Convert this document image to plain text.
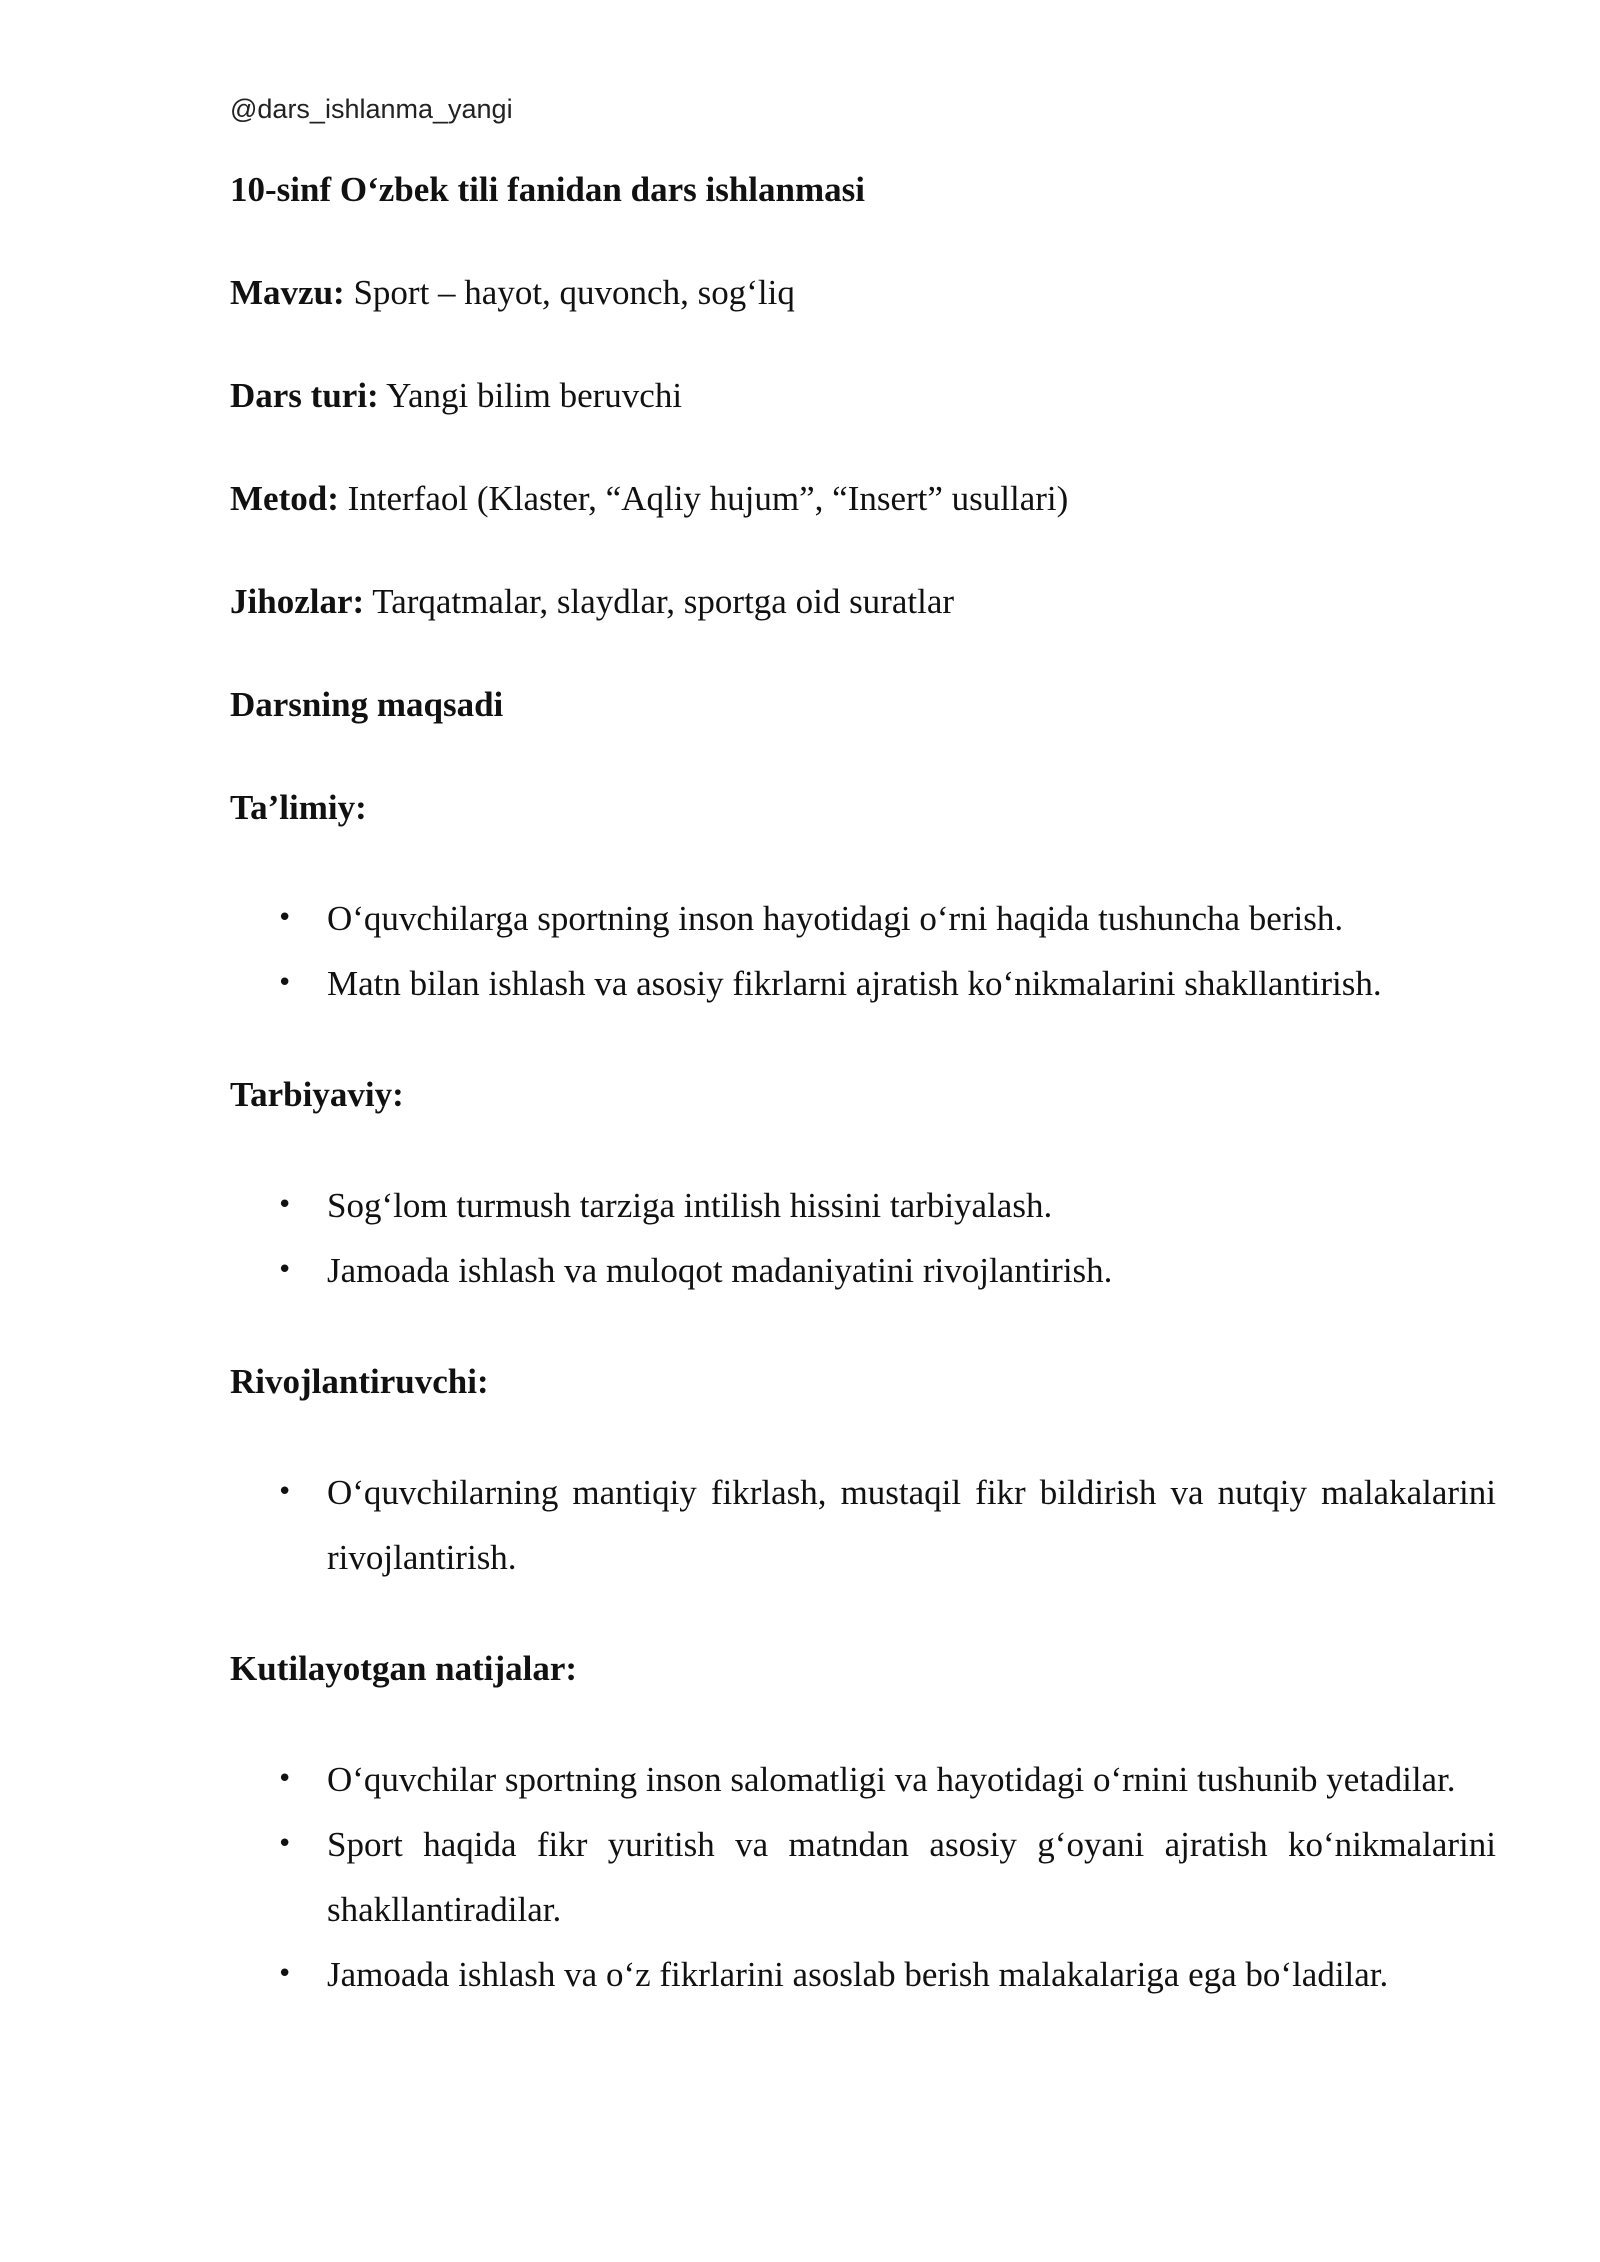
@dars_ishlanma_yangi
10-sinf O‘zbek tili fanidan dars ishlanmasi
Mavzu: Sport – hayot, quvonch, sog‘liq
Dars turi: Yangi bilim beruvchi
Metod: Interfaol (Klaster, “Aqliy hujum”, “Insert” usullari)
Jihozlar: Tarqatmalar, slaydlar, sportga oid suratlar
Darsning maqsadi
Ta’limiy:
• O‘quvchilarga sportning inson hayotidagi o‘rni haqida tushuncha berish.
• Matn bilan ishlash va asosiy fikrlarni ajratish ko‘nikmalarini shakllantirish.
Tarbiyaviy:
• Sog‘lom turmush tarziga intilish hissini tarbiyalash.
• Jamoada ishlash va muloqot madaniyatini rivojlantirish.
Rivojlantiruvchi:
• O‘quvchilarning mantiqiy fikrlash, mustaqil fikr bildirish va nutqiy malakalarini rivojlantirish.
Kutilayotgan natijalar:
• O‘quvchilar sportning inson salomatligi va hayotidagi o‘rnini tushunib yetadilar.
• Sport haqida fikr yuritish va matndan asosiy g‘oyani ajratish ko‘nikmalarini shakllantiradilar.
• Jamoada ishlash va o‘z fikrlarini asoslab berish malakalariga ega bo‘ladilar.
